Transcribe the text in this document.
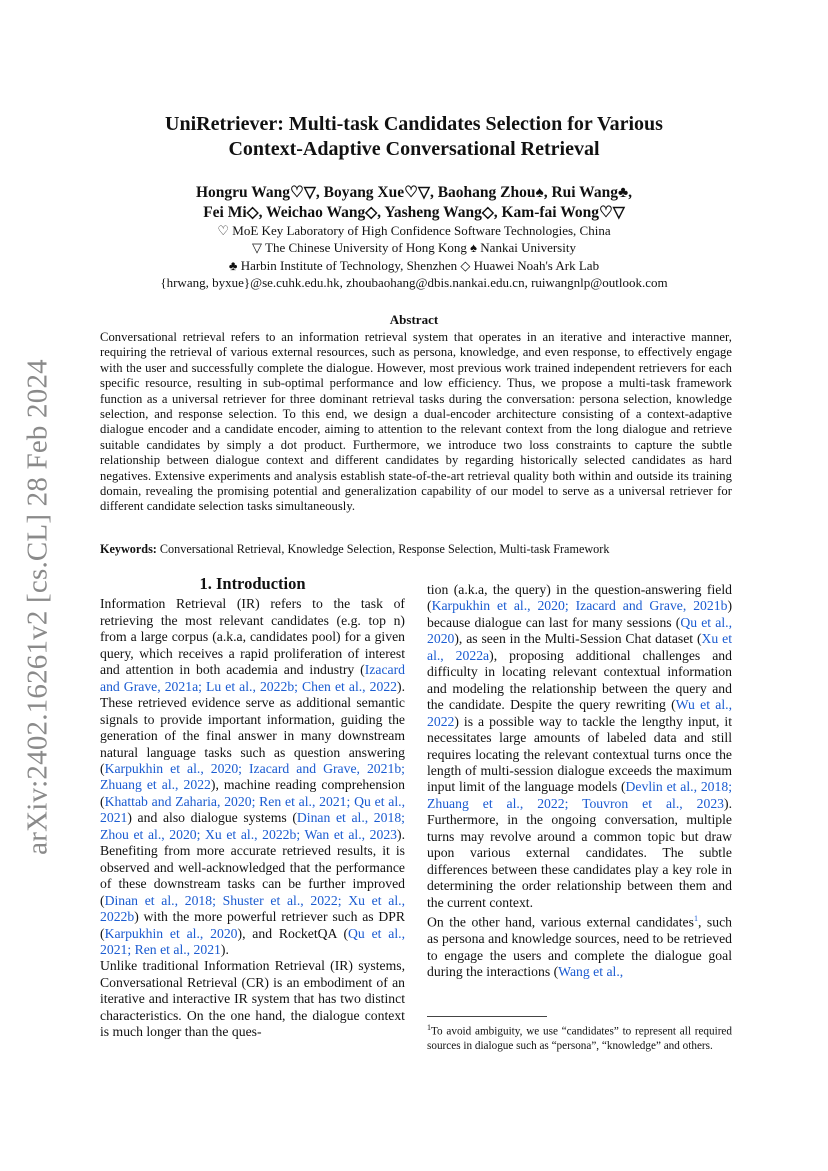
UniRetriever: Multi-task Candidates Selection for Various
Context-Adaptive Conversational Retrieval
Hongru Wang♡▽, Boyang Xue♡▽, Baohang Zhou♠, Rui Wang♣,
Fei Mi◇, Weichao Wang◇, Yasheng Wang◇, Kam-fai Wong♡▽
♡ MoE Key Laboratory of High Confidence Software Technologies, China
▽ The Chinese University of Hong Kong ♠ Nankai University
♣ Harbin Institute of Technology, Shenzhen ◇ Huawei Noah's Ark Lab
{hrwang, byxue}@se.cuhk.edu.hk, zhoubaohang@dbis.nankai.edu.cn, ruiwangnlp@outlook.com
Abstract
Conversational retrieval refers to an information retrieval system that operates in an iterative and interactive manner, requiring the retrieval of various external resources, such as persona, knowledge, and even response, to effectively engage with the user and successfully complete the dialogue. However, most previous work trained independent retrievers for each specific resource, resulting in sub-optimal performance and low efficiency. Thus, we propose a multi-task framework function as a universal retriever for three dominant retrieval tasks during the conversation: persona selection, knowledge selection, and response selection. To this end, we design a dual-encoder architecture consisting of a context-adaptive dialogue encoder and a candidate encoder, aiming to attention to the relevant context from the long dialogue and retrieve suitable candidates by simply a dot product. Furthermore, we introduce two loss constraints to capture the subtle relationship between dialogue context and different candidates by regarding historically selected candidates as hard negatives. Extensive experiments and analysis establish state-of-the-art retrieval quality both within and outside its training domain, revealing the promising potential and generalization capability of our model to serve as a universal retriever for different candidate selection tasks simultaneously.
Keywords: Conversational Retrieval, Knowledge Selection, Response Selection, Multi-task Framework
arXiv:2402.16261v2 [cs.CL] 28 Feb 2024	1. Introduction

Information Retrieval (IR) refers to the task of retrieving the most relevant candidates (e.g. top n) from a large corpus (a.k.a, candidates pool) for a given query, which receives a rapid proliferation of interest and attention in both academia and industry (Izacard and Grave, 2021a; Lu et al., 2022b; Chen et al., 2022). These retrieved evidence serve as additional semantic signals to provide important information, guiding the generation of the final answer in many downstream natural language tasks such as question answering (Karpukhin et al., 2020; Izacard and Grave, 2021b; Zhuang et al., 2022), machine reading comprehension (Khattab and Zaharia, 2020; Ren et al., 2021; Qu et al., 2021) and also dialogue systems (Dinan et al., 2018; Zhou et al., 2020; Xu et al., 2022b; Wan et al., 2023). Benefiting from more accurate retrieved results, it is observed and well-acknowledged that the performance of these downstream tasks can be further improved (Dinan et al., 2018; Shuster et al., 2022; Xu et al., 2022b) with the more powerful retriever such as DPR (Karpukhin et al., 2020), and RocketQA (Qu et al., 2021; Ren et al., 2021).

Unlike traditional Information Retrieval (IR) systems, Conversational Retrieval (CR) is an embodiment of an iterative and interactive IR system that has two distinct characteristics. On the one hand, the dialogue context is much longer than the ques-

tion (a.k.a, the query) in the question-answering field (Karpukhin et al., 2020; Izacard and Grave, 2021b) because dialogue can last for many sessions (Qu et al., 2020), as seen in the Multi-Session Chat dataset (Xu et al., 2022a), proposing additional challenges and difficulty in locating relevant contextual information and modeling the relationship between the query and the candidate. Despite the query rewriting (Wu et al., 2022) is a possible way to tackle the lengthy input, it necessitates large amounts of labeled data and still requires locating the relevant contextual turns once the length of multi-session dialogue exceeds the maximum input limit of the language models (Devlin et al., 2018; Zhuang et al., 2022; Touvron et al., 2023). Furthermore, in the ongoing conversation, multiple turns may revolve around a common topic but draw upon various external candidates. The subtle differences between these candidates play a key role in determining the order relationship between them and the current context.

On the other hand, various external candidates$^1$, such as persona and knowledge sources, need to be retrieved to engage the users and complete the dialogue goal during the interactions (Wang et al.,

$^1$To avoid ambiguity, we use “candidates” to represent all required sources in dialogue such as “persona”, “knowledge” and others.
